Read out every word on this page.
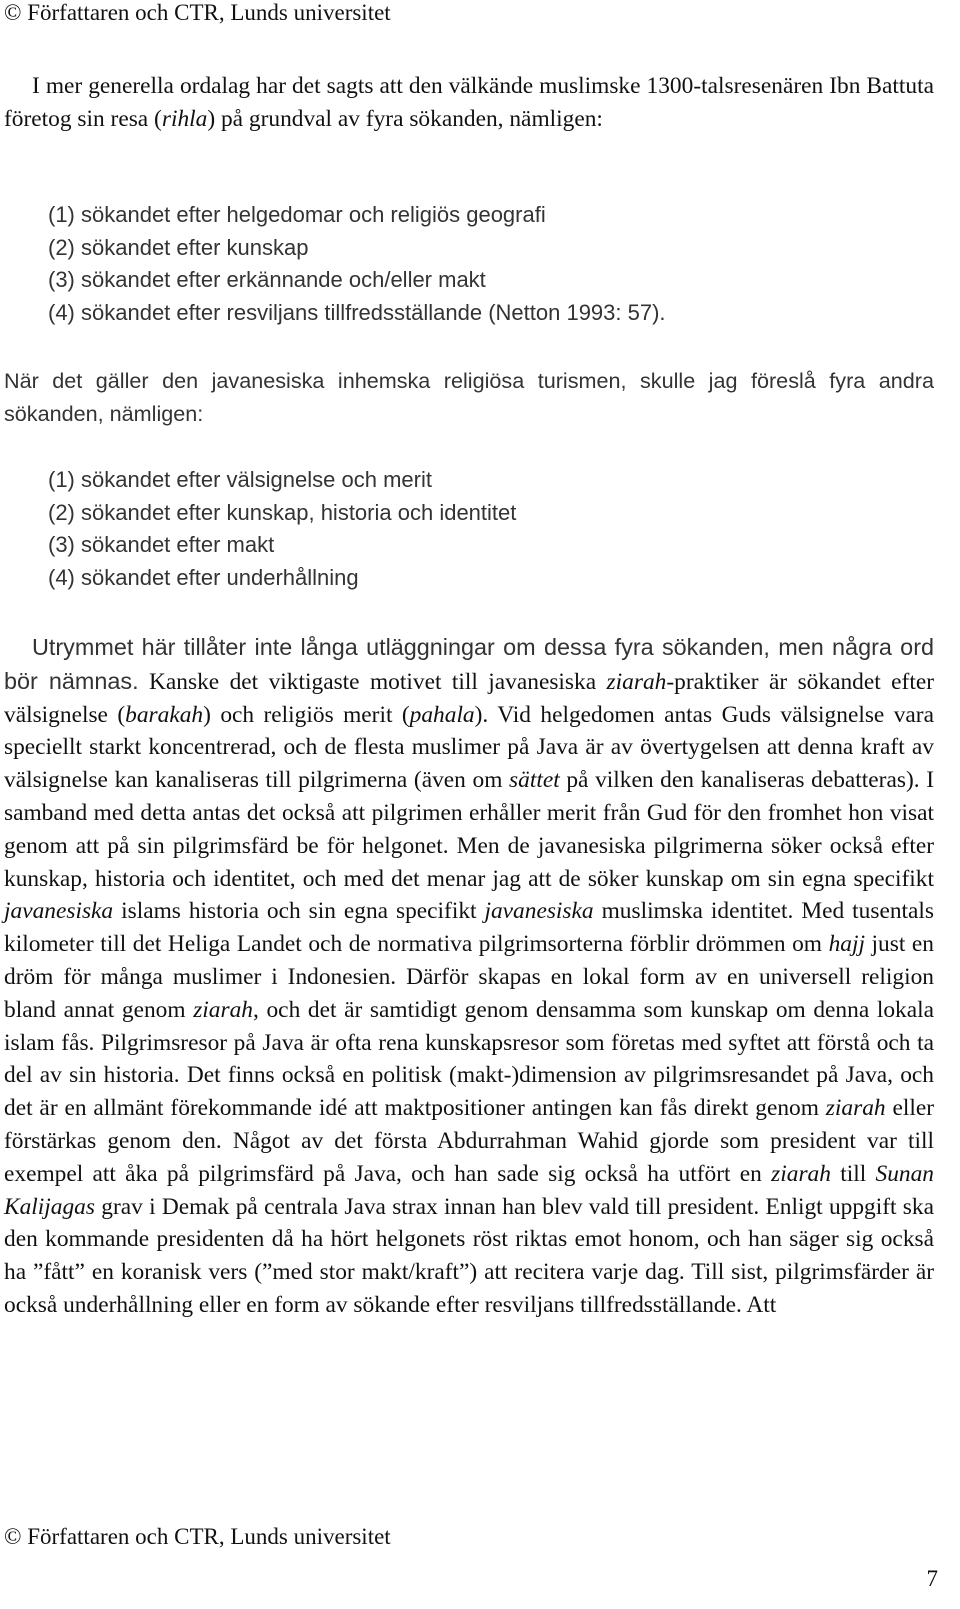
© Författaren och CTR, Lunds universitet

I mer generella ordalag har det sagts att den välkände muslimske 1300-talsresenären Ibn Battuta företog sin resa (rihla) på grundval av fyra sökanden, nämligen:

(1) sökandet efter helgedomar och religiös geografi
(2) sökandet efter kunskap
(3) sökandet efter erkännande och/eller makt
(4) sökandet efter resviljans tillfredsställande (Netton 1993: 57).

När det gäller den javanesiska inhemska religiösa turismen, skulle jag föreslå fyra andra sökanden, nämligen:

(1) sökandet efter välsignelse och merit
(2) sökandet efter kunskap, historia och identitet
(3) sökandet efter makt
(4) sökandet efter underhållning

Utrymmet här tillåter inte långa utläggningar om dessa fyra sökanden, men några ord bör nämnas. Kanske det viktigaste motivet till javanesiska ziarah-praktiker är sökandet efter välsignelse (barakah) och religiös merit (pahala). Vid helgedomen antas Guds välsignelse vara speciellt starkt koncentrerad, och de flesta muslimer på Java är av övertygelsen att denna kraft av välsignelse kan kanaliseras till pilgrimerna (även om sättet på vilken den kanaliseras debatteras). I samband med detta antas det också att pilgrimen erhåller merit från Gud för den fromhet hon visat genom att på sin pilgrimsfärd be för helgonet. Men de javanesiska pilgrimerna söker också efter kunskap, historia och identitet, och med det menar jag att de söker kunskap om sin egna specifikt javanesiska islams historia och sin egna specifikt javanesiska muslimska identitet. Med tusentals kilometer till det Heliga Landet och de normativa pilgrimsorterna förblir drömmen om hajj just en dröm för många muslimer i Indonesien. Därför skapas en lokal form av en universell religion bland annat genom ziarah, och det är samtidigt genom densamma som kunskap om denna lokala islam fås. Pilgrimsresor på Java är ofta rena kunskapsresor som företas med syftet att förstå och ta del av sin historia. Det finns också en politisk (makt-)dimension av pilgrimsresandet på Java, och det är en allmänt förekommande idé att maktpositioner antingen kan fås direkt genom ziarah eller förstärkas genom den. Något av det första Abdurrahman Wahid gjorde som president var till exempel att åka på pilgrimsfärd på Java, och han sade sig också ha utfört en ziarah till Sunan Kalijagas grav i Demak på centrala Java strax innan han blev vald till president. Enligt uppgift ska den kommande presidenten då ha hört helgonets röst riktas emot honom, och han säger sig också ha ”fått” en koranisk vers (”med stor makt/kraft”) att recitera varje dag. Till sist, pilgrimsfärder är också underhållning eller en form av sökande efter resviljans tillfredsställande. Att

© Författaren och CTR, Lunds universitet
7
